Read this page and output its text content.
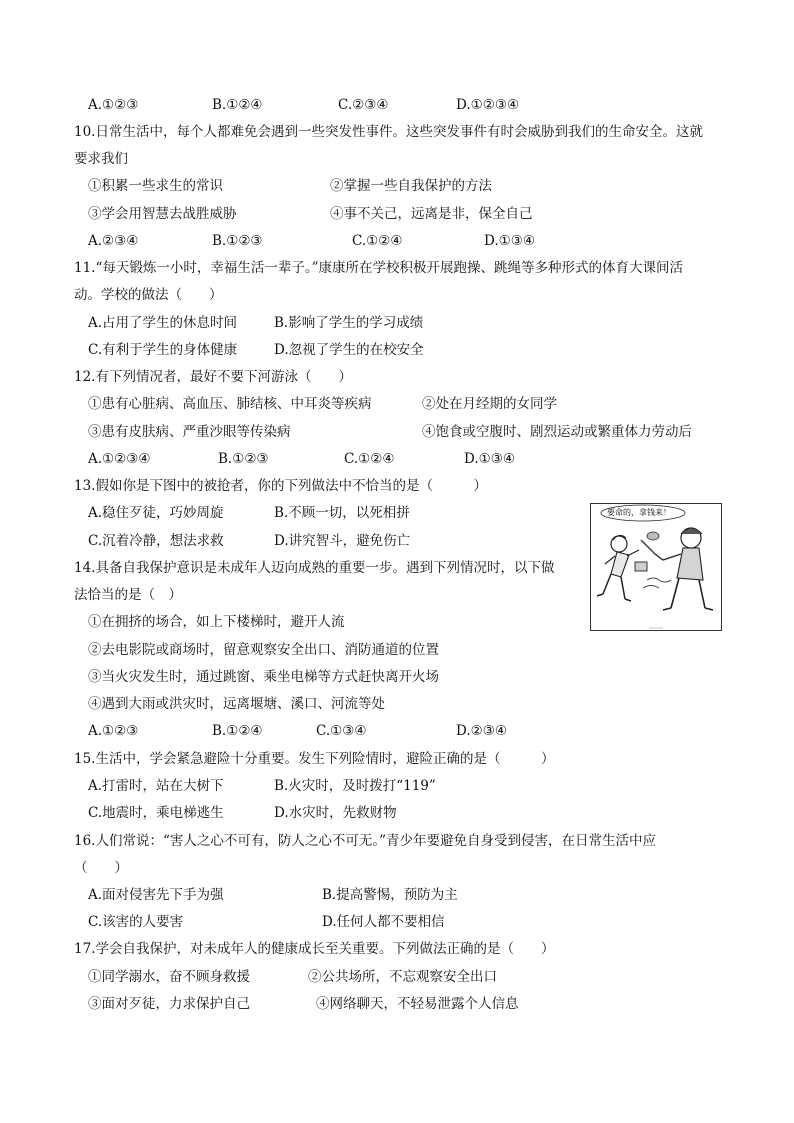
A.①②③	B.①②④	C.②③④	D.①②③④
10.日常生活中，每个人都难免会遇到一些突发性事件。这些突发事件有时会威胁到我们的生命安全。这就
要求我们
①积累一些求生的常识	②掌握一些自我保护的方法
③学会用智慧去战胜威胁	④事不关己，远离是非，保全自己
A.②③④	B.①②③	C.①②④	D.①③④
11.“每天锻炼一小时，幸福生活一辈子。”康康所在学校积极开展跑操、跳绳等多种形式的体育大课间活
动。学校的做法（　　）
A.占用了学生的休息时间	B.影响了学生的学习成绩
C.有利于学生的身体健康	D.忽视了学生的在校安全
12.有下列情况者，最好不要下河游泳（　　）
①患有心脏病、高血压、肺结核、中耳炎等疾病	②处在月经期的女同学
③患有皮肤病、严重沙眼等传染病	④饱食或空腹时、剧烈运动或繁重体力劳动后
A.①②③④	B.①②③	C.①②④	D.①③④
13.假如你是下图中的被抢者，你的下列做法中不恰当的是（　　　）
A.稳住歹徒，巧妙周旋	B.不顾一切，以死相拼
C.沉着冷静，想法求救	D.讲究智斗，避免伤亡
要命的，拿钱来！
14.具备自我保护意识是未成年人迈向成熟的重要一步。遇到下列情况时，以下做
法恰当的是（　）
①在拥挤的场合，如上下楼梯时，避开人流
②去电影院或商场时，留意观察安全出口、消防通道的位置
③当火灾发生时，通过跳窗、乘坐电梯等方式赶快离开火场
④遇到大雨或洪灾时，远离堰塘、溪口、河流等处
A.①②③	B.①②④	C.①③④	D.②③④
15.生活中，学会紧急避险十分重要。发生下列险情时，避险正确的是（　　　）
A.打雷时，站在大树下	B.火灾时，及时拨打“119”
C.地震时，乘电梯逃生	D.水灾时，先救财物
16.人们常说：“害人之心不可有，防人之心不可无。”青少年要避免自身受到侵害，在日常生活中应
（　　）
A.面对侵害先下手为强	B.提高警惕，预防为主
C.该害的人要害	D.任何人都不要相信
17.学会自我保护，对未成年人的健康成长至关重要。下列做法正确的是（　　）
①同学溺水，奋不顾身救援	②公共场所，不忘观察安全出口
③面对歹徒，力求保护自己	④网络聊天，不轻易泄露个人信息
